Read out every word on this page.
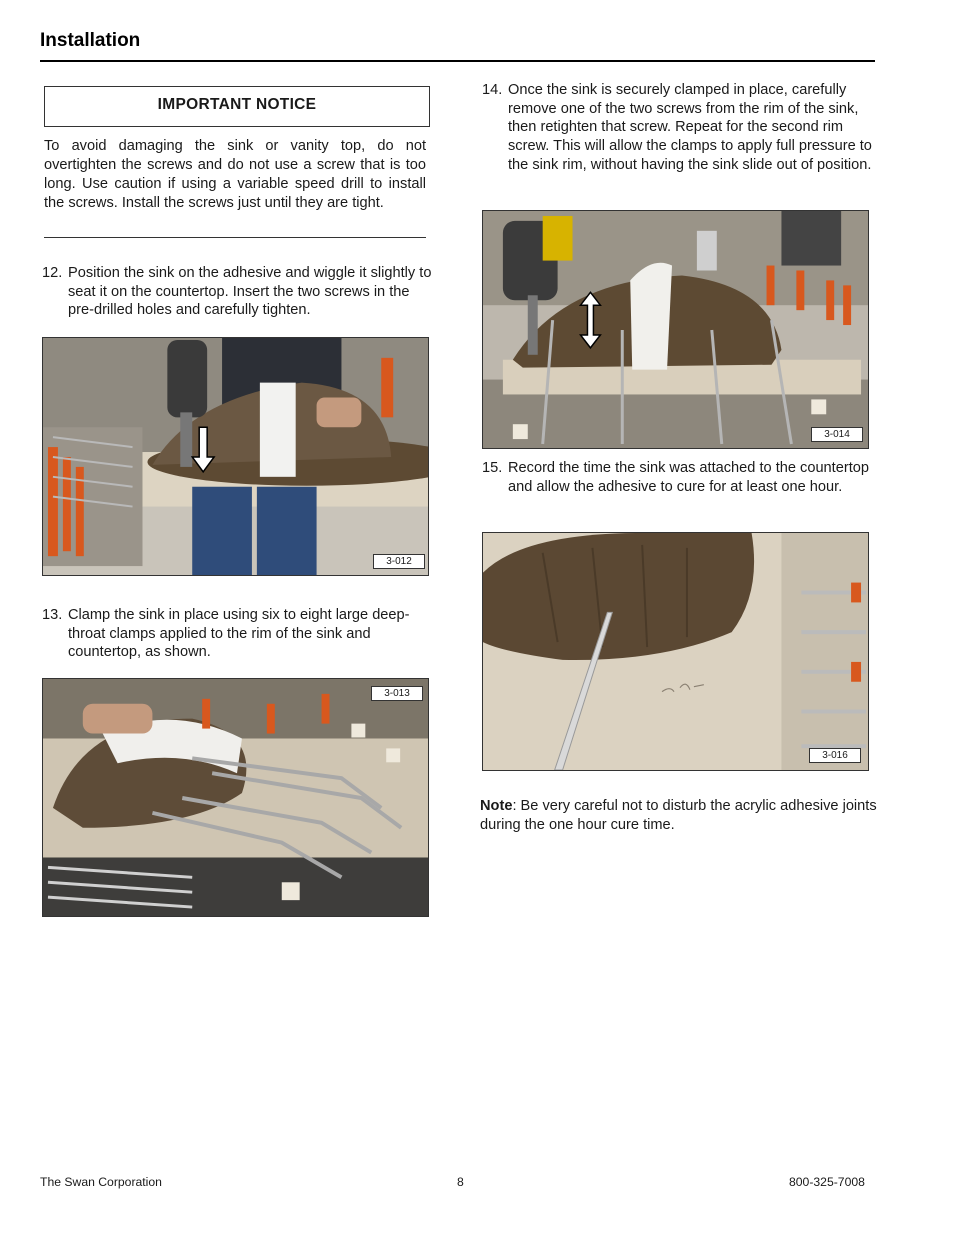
Installation
IMPORTANT NOTICE
To avoid damaging the sink or vanity top, do not overtighten the screws and do not use a screw that is too long. Use caution if using a variable speed drill to install the screws. Install the screws just until they are tight.
12. Position the sink on the adhesive and wiggle it slightly to seat it on the countertop. Insert the two screws in the pre-drilled holes and carefully tighten.
3-012
13. Clamp the sink in place using six to eight large deep-throat clamps applied to the rim of the sink and countertop, as shown.
3-013
14. Once the sink is securely clamped in place, carefully remove one of the two screws from the rim of the sink, then retighten that screw. Repeat for the second rim screw. This will allow the clamps to apply full pressure to the sink rim, without having the sink slide out of position.
3-014
15. Record the time the sink was attached to the countertop and allow the adhesive to cure for at least one hour.
3-016
Note: Be very careful not to disturb the acrylic adhesive joints during the one hour cure time.
The Swan Corporation	8	800-325-7008
